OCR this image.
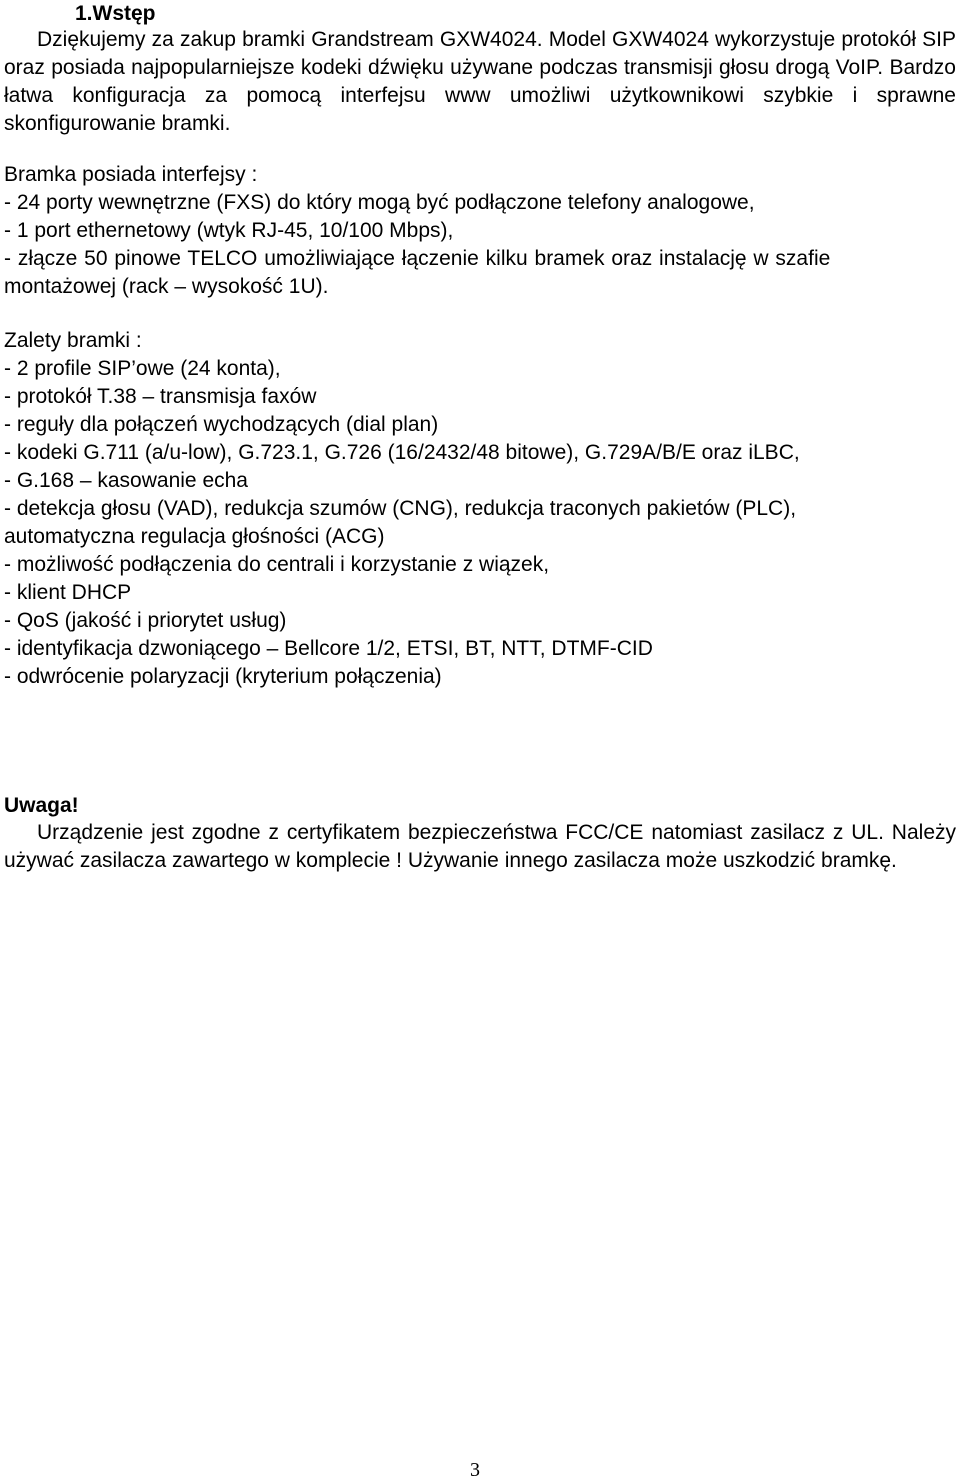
1.Wstęp

Dziękujemy za zakup bramki Grandstream GXW4024. Model GXW4024 wykorzystuje protokół SIP oraz posiada najpopularniejsze kodeki dźwięku używane podczas transmisji głosu drogą VoIP. Bardzo łatwa konfiguracja za pomocą interfejsu www umożliwi użytkownikowi szybkie i sprawne skonfigurowanie bramki.

Bramka posiada interfejsy :
- 24 porty wewnętrzne (FXS) do który mogą być podłączone telefony analogowe,
- 1 port ethernetowy (wtyk RJ-45, 10/100 Mbps),
- złącze 50 pinowe TELCO umożliwiające łączenie kilku bramek oraz instalację w szafie
montażowej (rack – wysokość 1U).
Zalety bramki :
- 2 profile SIP’owe (24 konta),
- protokół T.38 – transmisja faxów
- reguły dla połączeń wychodzących (dial plan)
- kodeki G.711 (a/u-low), G.723.1, G.726 (16/2432/48 bitowe), G.729A/B/E oraz iLBC,
- G.168 – kasowanie echa
- detekcja głosu (VAD), redukcja szumów (CNG), redukcja traconych pakietów (PLC),
automatyczna regulacja głośności (ACG)
- możliwość podłączenia do centrali i korzystanie z wiązek,
- klient DHCP
- QoS (jakość i priorytet usług)
- identyfikacja dzwoniącego – Bellcore 1/2, ETSI, BT, NTT, DTMF-CID
- odwrócenie polaryzacji (kryterium połączenia)
Uwaga!

Urządzenie jest zgodne z certyfikatem bezpieczeństwa FCC/CE natomiast zasilacz z UL. Należy używać zasilacza zawartego w komplecie ! Używanie innego zasilacza może uszkodzić bramkę.

3
